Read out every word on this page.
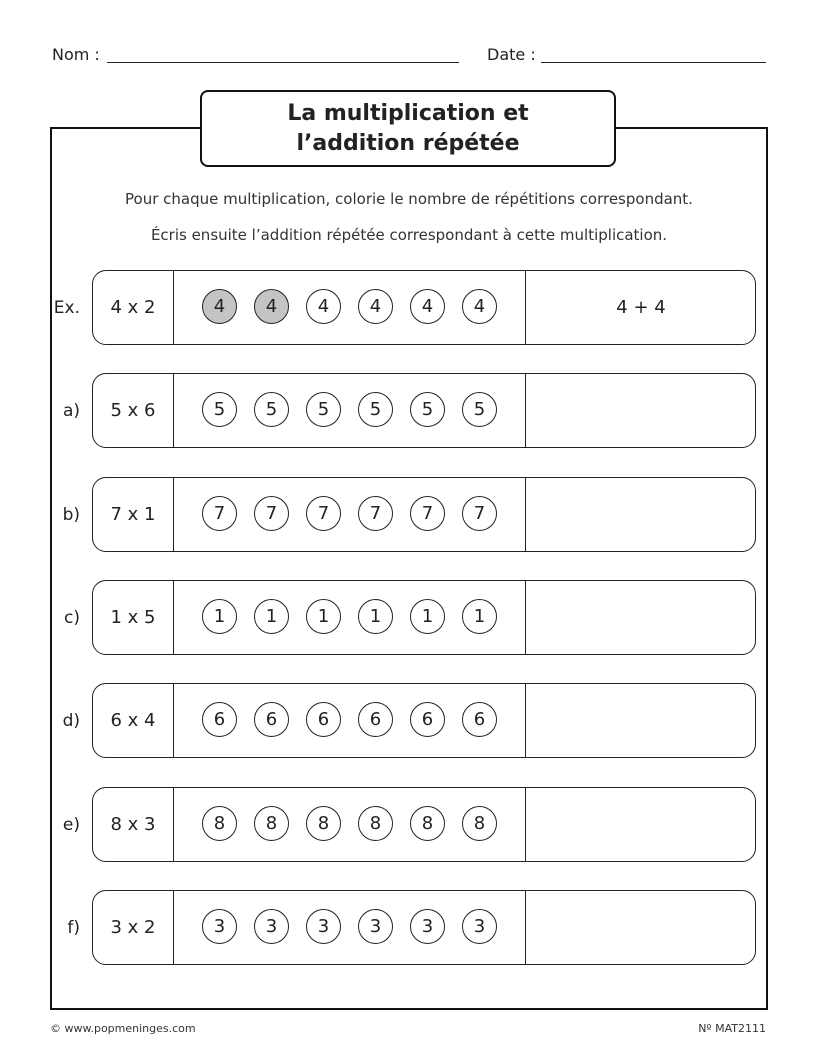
Nom :	Date :
La multiplication et
l’addition répétée
Pour chaque multiplication, colorie le nombre de répétitions correspondant.
Écris ensuite l’addition répétée correspondant à cette multiplication.
Ex.	4 x 2	4	4	4	4	4	4	4 + 4
a)	5 x 6	5	5	5	5	5	5
b)	7 x 1	7	7	7	7	7	7
c)	1 x 5	1	1	1	1	1	1
d)	6 x 4	6	6	6	6	6	6
e)	8 x 3	8	8	8	8	8	8
f)	3 x 2	3	3	3	3	3	3
© www.popmeninges.com	Nº MAT2111
